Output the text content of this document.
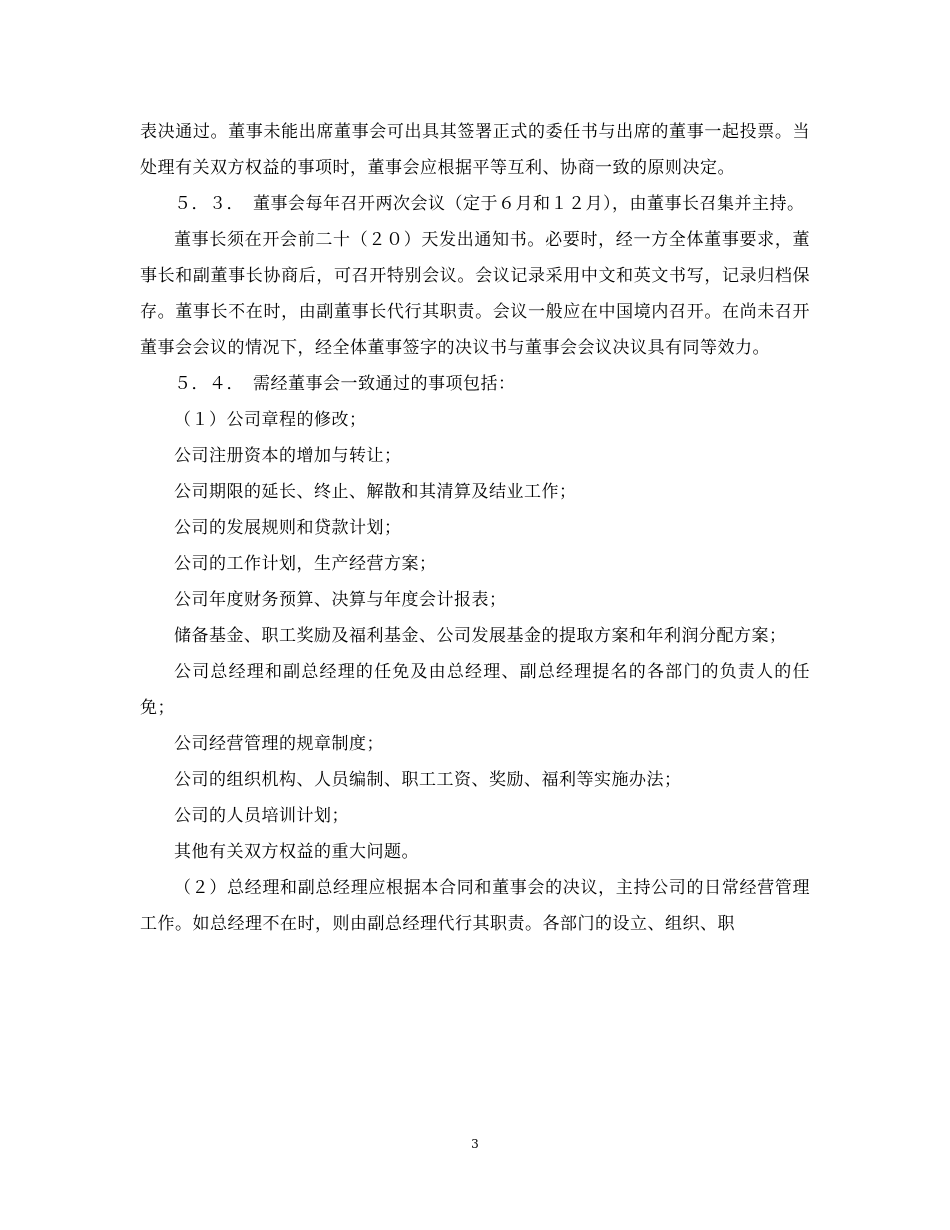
表决通过。董事未能出席董事会可出具其签署正式的委任书与出席的董事一起投票。当处理有关双方权益的事项时，董事会应根据平等互利、协商一致的原则决定。

５．３．　董事会每年召开两次会议（定于６月和１２月），由董事长召集并主持。

董事长须在开会前二十（２０）天发出通知书。必要时，经一方全体董事要求，董事长和副董事长协商后，可召开特别会议。会议记录采用中文和英文书写，记录归档保存。董事长不在时，由副董事长代行其职责。会议一般应在中国境内召开。在尚未召开董事会会议的情况下，经全体董事签字的决议书与董事会会议决议具有同等效力。

５．４．　需经董事会一致通过的事项包括：

（１）公司章程的修改；

公司注册资本的增加与转让；

公司期限的延长、终止、解散和其清算及结业工作；

公司的发展规则和贷款计划；

公司的工作计划，生产经营方案；

公司年度财务预算、决算与年度会计报表；

储备基金、职工奖励及福利基金、公司发展基金的提取方案和年利润分配方案；

公司总经理和副总经理的任免及由总经理、副总经理提名的各部门的负责人的任免；

公司经营管理的规章制度；

公司的组织机构、人员编制、职工工资、奖励、福利等实施办法；

公司的人员培训计划；

其他有关双方权益的重大问题。

（２）总经理和副总经理应根据本合同和董事会的决议，主持公司的日常经营管理工作。如总经理不在时，则由副总经理代行其职责。各部门的设立、组织、职

3
